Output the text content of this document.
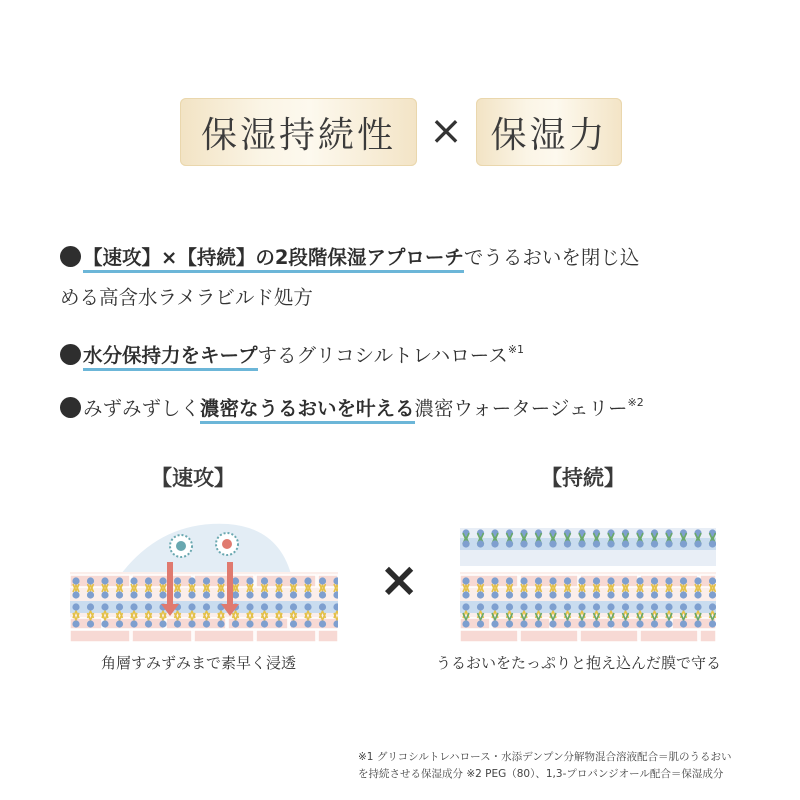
保湿持続性 × 保湿力
【速攻】×【持続】の2段階保湿アプローチでうるおいを閉じ込
める高含水ラメラビルド処方
水分保持力をキープするグリコシルトレハロース$^{※1}$
みずみずしく濃密なうるおいを叶える濃密ウォータージェリー$^{※2}$
【速攻】	【持続】
×
角層すみずみまで素早く浸透	うるおいをたっぷりと抱え込んだ膜で守る
※1 グリコシルトレハロース・水添デンプン分解物混合溶液配合＝肌のうるおい
を持続させる保湿成分 ※2 PEG（80）、1,3-プロパンジオール配合＝保湿成分
